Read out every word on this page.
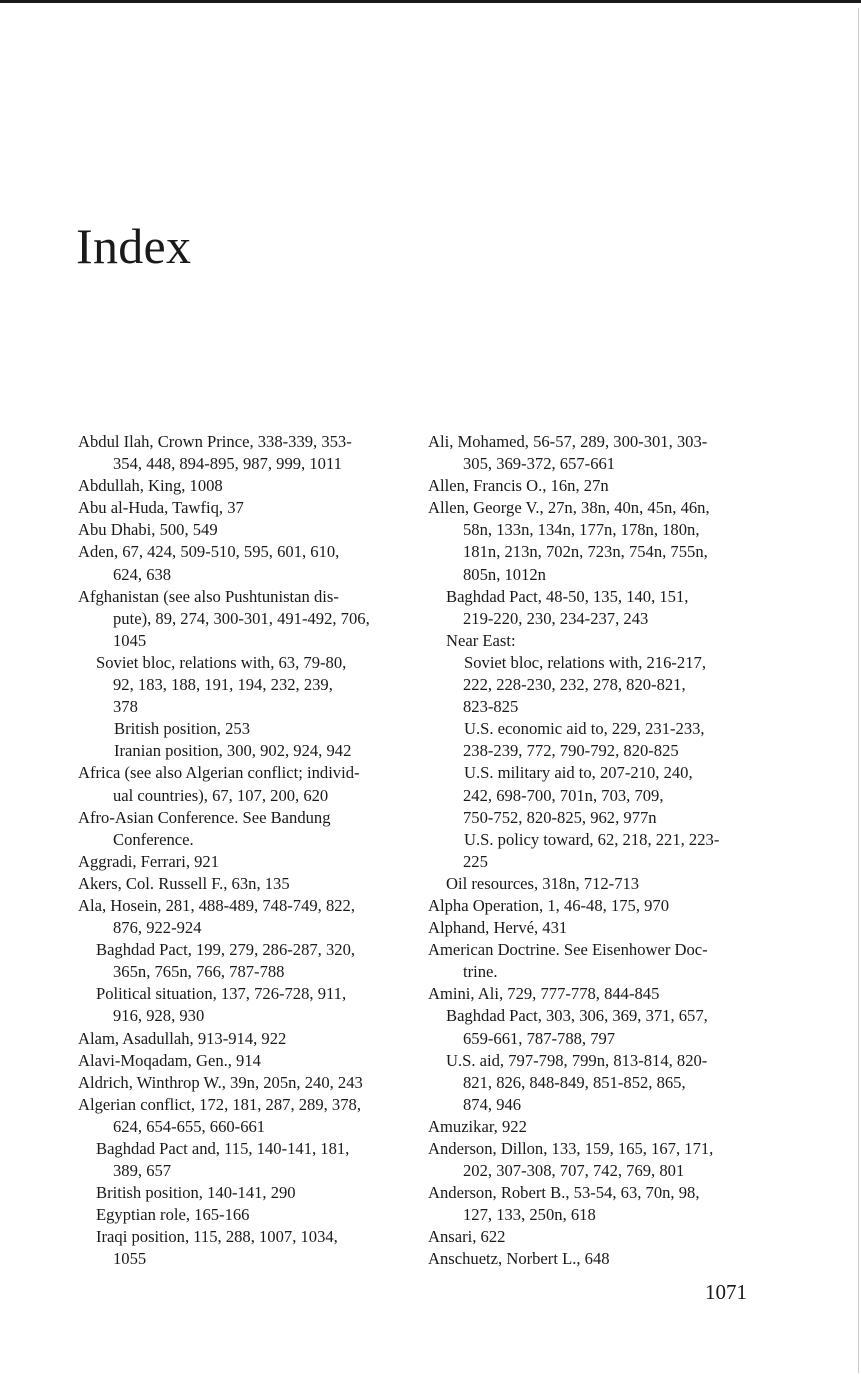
Index
Abdul Ilah, Crown Prince, 338-339, 353-
354, 448, 894-895, 987, 999, 1011
Abdullah, King, 1008
Abu al-Huda, Tawfiq, 37
Abu Dhabi, 500, 549
Aden, 67, 424, 509-510, 595, 601, 610,
624, 638
Afghanistan (see also Pushtunistan dis-
pute), 89, 274, 300-301, 491-492, 706,
1045
Soviet bloc, relations with, 63, 79-80,
92, 183, 188, 191, 194, 232, 239,
378
British position, 253
Iranian position, 300, 902, 924, 942
Africa (see also Algerian conflict; individ-
ual countries), 67, 107, 200, 620
Afro-Asian Conference. See Bandung
Conference.
Aggradi, Ferrari, 921
Akers, Col. Russell F., 63n, 135
Ala, Hosein, 281, 488-489, 748-749, 822,
876, 922-924
Baghdad Pact, 199, 279, 286-287, 320,
365n, 765n, 766, 787-788
Political situation, 137, 726-728, 911,
916, 928, 930
Alam, Asadullah, 913-914, 922
Alavi-Moqadam, Gen., 914
Aldrich, Winthrop W., 39n, 205n, 240, 243
Algerian conflict, 172, 181, 287, 289, 378,
624, 654-655, 660-661
Baghdad Pact and, 115, 140-141, 181,
389, 657
British position, 140-141, 290
Egyptian role, 165-166
Iraqi position, 115, 288, 1007, 1034,
1055
Ali, Mohamed, 56-57, 289, 300-301, 303-
305, 369-372, 657-661
Allen, Francis O., 16n, 27n
Allen, George V., 27n, 38n, 40n, 45n, 46n,
58n, 133n, 134n, 177n, 178n, 180n,
181n, 213n, 702n, 723n, 754n, 755n,
805n, 1012n
Baghdad Pact, 48-50, 135, 140, 151,
219-220, 230, 234-237, 243
Near East:
Soviet bloc, relations with, 216-217,
222, 228-230, 232, 278, 820-821,
823-825
U.S. economic aid to, 229, 231-233,
238-239, 772, 790-792, 820-825
U.S. military aid to, 207-210, 240,
242, 698-700, 701n, 703, 709,
750-752, 820-825, 962, 977n
U.S. policy toward, 62, 218, 221, 223-
225
Oil resources, 318n, 712-713
Alpha Operation, 1, 46-48, 175, 970
Alphand, Hervé, 431
American Doctrine. See Eisenhower Doc-
trine.
Amini, Ali, 729, 777-778, 844-845
Baghdad Pact, 303, 306, 369, 371, 657,
659-661, 787-788, 797
U.S. aid, 797-798, 799n, 813-814, 820-
821, 826, 848-849, 851-852, 865,
874, 946
Amuzikar, 922
Anderson, Dillon, 133, 159, 165, 167, 171,
202, 307-308, 707, 742, 769, 801
Anderson, Robert B., 53-54, 63, 70n, 98,
127, 133, 250n, 618
Ansari, 622
Anschuetz, Norbert L., 648
1071
